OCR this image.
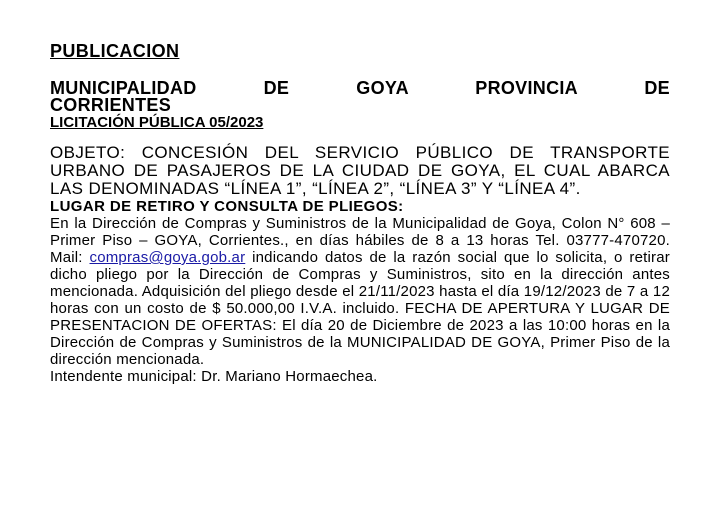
PUBLICACION

MUNICIPALIDAD DE GOYA PROVINCIA DE
CORRIENTES

LICITACIÓN PÚBLICA 05/2023

OBJETO: CONCESIÓN DEL SERVICIO PÚBLICO DE TRANSPORTE URBANO DE PASAJEROS DE LA CIUDAD DE GOYA, EL CUAL ABARCA LAS DENOMINADAS “LÍNEA 1”, “LÍNEA 2”, “LÍNEA 3” Y “LÍNEA 4”.

LUGAR DE RETIRO Y CONSULTA DE PLIEGOS:

En la Dirección de Compras y Suministros de la Municipalidad de Goya, Colon N° 608 – Primer Piso – GOYA, Corrientes., en días hábiles de 8 a 13 horas Tel. 03777-470720. Mail: compras@goya.gob.ar indicando datos de la razón social que lo solicita, o retirar dicho pliego por la Dirección de Compras y Suministros, sito en la dirección antes mencionada. Adquisición del pliego desde el 21/11/2023 hasta el día 19/12/2023 de 7 a 12 horas con un costo de $ 50.000,00 I.V.A. incluido. FECHA DE APERTURA Y LUGAR DE PRESENTACION DE OFERTAS: El día 20 de Diciembre de 2023 a las 10:00 horas en la Dirección de Compras y Suministros de la MUNICIPALIDAD DE GOYA, Primer Piso de la dirección mencionada.

Intendente municipal: Dr. Mariano Hormaechea.
